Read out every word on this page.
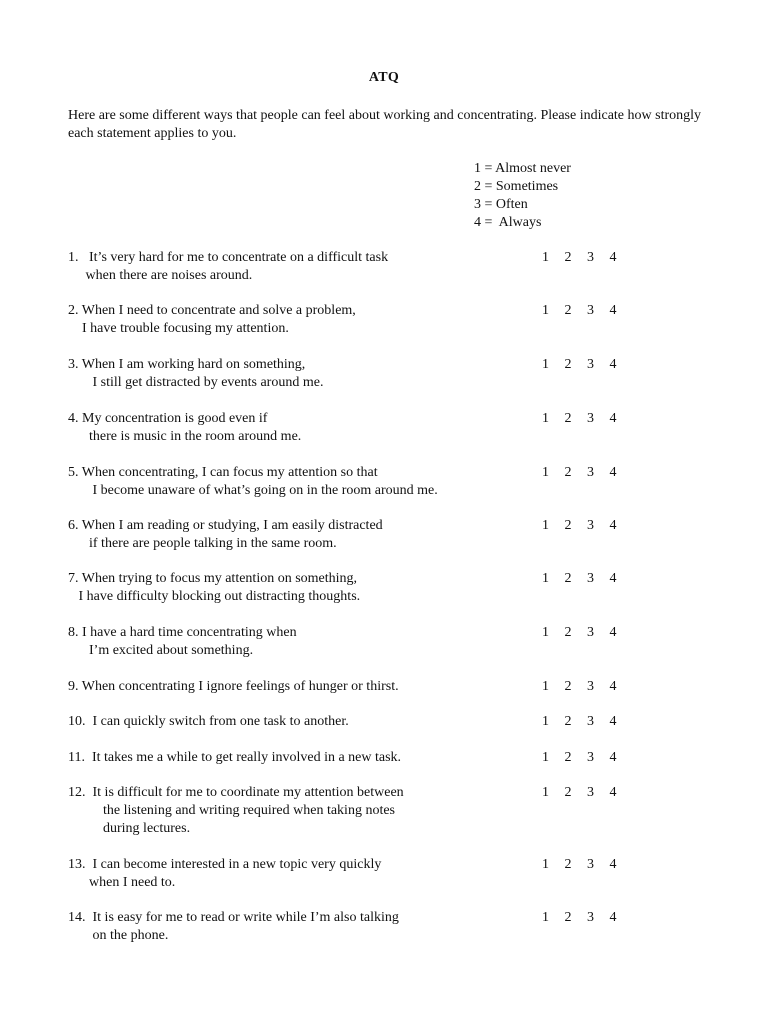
ATQ
Here are some different ways that people can feel about working and concentrating. Please indicate how strongly each statement applies to you.
1 = Almost never
2 = Sometimes
3 = Often
4 =  Always
1.   It’s very hard for me to concentrate on a difficult task
when there are noises around.
1 2 3 4
2. When I need to concentrate and solve a problem,
I have trouble focusing my attention.
1 2 3 4
3. When I am working hard on something,
I still get distracted by events around me.
1 2 3 4
4. My concentration is good even if
there is music in the room around me.
1 2 3 4
5. When concentrating, I can focus my attention so that
I become unaware of what’s going on in the room around me.
1 2 3 4
6. When I am reading or studying, I am easily distracted
if there are people talking in the same room.
1 2 3 4
7. When trying to focus my attention on something,
I have difficulty blocking out distracting thoughts.
1 2 3 4
8. I have a hard time concentrating when
I’m excited about something.
1 2 3 4
9. When concentrating I ignore feelings of hunger or thirst.	1 2 3 4
10.  I can quickly switch from one task to another.	1 2 3 4
11.  It takes me a while to get really involved in a new task.	1 2 3 4
12.  It is difficult for me to coordinate my attention between
the listening and writing required when taking notes
during lectures.
1 2 3 4
13.  I can become interested in a new topic very quickly
when I need to.
1 2 3 4
14.  It is easy for me to read or write while I’m also talking
on the phone.
1 2 3 4
